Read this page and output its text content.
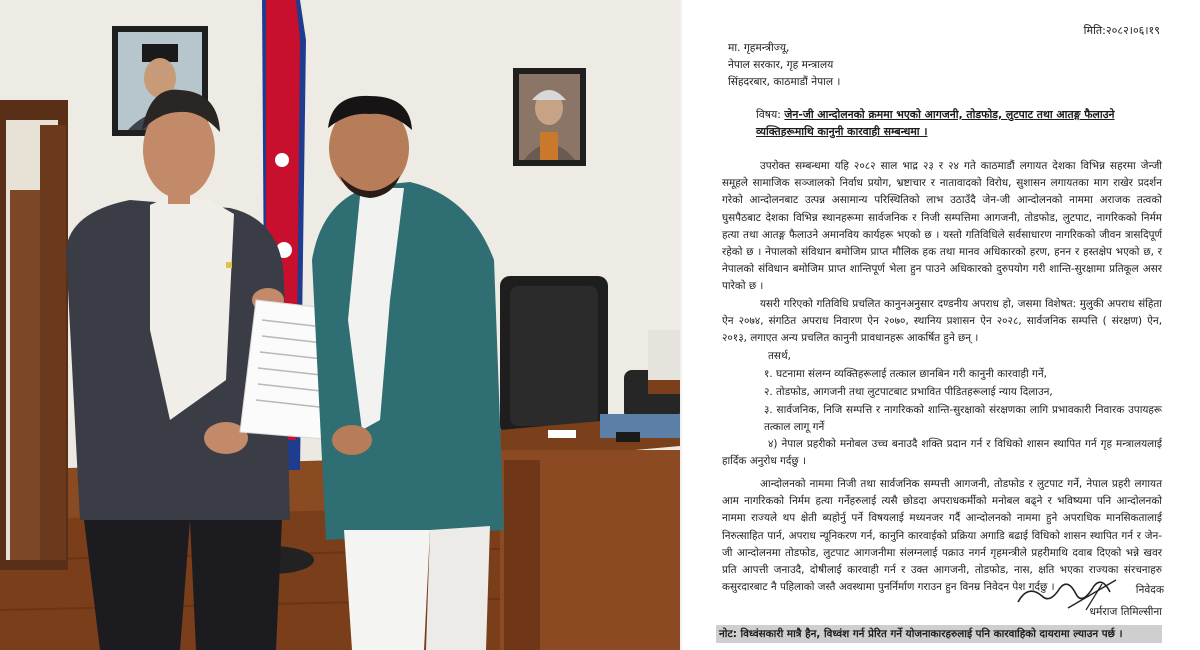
मिति:२०८२।०६।१९
मा. गृहमन्त्रीज्यू,
नेपाल सरकार, गृह मन्त्रालय
सिंहदरबार, काठमाडौं नेपाल ।
विषय: जेन-जी आन्दोलनको क्रममा भएको आगजनी, तोडफोड, लुटपाट तथा आतङ्ग फैलाउने व्यक्तिहरूमाथि कानुनी कारवाही सम्बन्धमा ।
उपरोक्त सम्बन्धमा यहि २०८२ साल भाद्र २३ र २४ गते काठमाडौं लगायत देशका विभिन्न सहरमा जेन्जी समूहले सामाजिक सञ्जालको निर्वाध प्रयोग, भ्रष्टाचार र नातावादको विरोध, सुशासन लगायतका माग राखेर प्रदर्शन गरेको आन्दोलनबाट उत्पन्न असामान्य परिस्थितिको लाभ उठाउँदै जेन-जी आन्दोलनको नाममा अराजक तत्वको घुसपैठबाट देशका विभिन्न स्थानहरूमा सार्वजनिक र निजी सम्पत्तिमा आगजनी, तोडफोड, लुटपाट, नागरिकको निर्मम हत्या तथा आतङ्ग फैलाउने अमानविय कार्यहरू भएको छ । यस्तो गतिविधिले सर्वसाधारण नागरिकको जीवन त्रासदिपूर्ण रहेको छ । नेपालको संविधान बमोजिम प्राप्त मौलिक हक तथा मानव अधिकारको हरण, हनन र हस्तक्षेप भएको छ, र नेपालको संविधान बमोजिम प्राप्त शान्तिपूर्ण भेला हुन पाउने अधिकारको दुरुपयोग गरी शान्ति-सुरक्षामा प्रतिकूल असर पारेको छ ।
यसरी गरिएको गतिविधि प्रचलित कानुनअनुसार दण्डनीय अपराध हो, जसमा विशेषत: मुलुकी अपराध संहिता ऐन २०७४, संगठित अपराध निवारण ऐन २०७०, स्थानिय प्रशासन ऐन २०२८, सार्वजनिक सम्पत्ति ( संरक्षण) ऐन, २०१३, लगाएत अन्य प्रचलित कानुनी प्रावधानहरू आकर्षित हुने छन् ।
तसर्थ,
१. घटनामा संलग्न व्यक्तिहरूलाई तत्काल छानबिन गरी कानुनी कारवाही गर्ने,
२. तोडफोड, आगजनी तथा लुटपाटबाट प्रभावित पीडितहरूलाई न्याय दिलाउन,
३. सार्वजनिक, निजि सम्पत्ति र नागरिकको शान्ति-सुरक्षाको संरक्षणका लागि प्रभावकारी निवारक उपायहरू तत्काल लागू गर्ने
४) नेपाल प्रहरीको मनोबल उच्च बनाउदै शक्ति प्रदान गर्न र विधिको शासन स्थापित गर्न गृह मन्त्रालयलाई हार्दिक अनुरोध गर्दछु ।
आन्दोलनको नाममा निजी तथा सार्वजनिक सम्पत्ती आगजनी, तोडफोड र लुटपाट गर्ने, नेपाल प्रहरी लगायत आम नागरिकको निर्मम हत्या गर्नेहरुलाई त्यसै छोडदा अपराधकर्मीको मनोबल बढ्ने र भविष्यमा पनि आन्दोलनको नाममा राज्यले थप क्षेती ब्यहोर्नु पर्ने विषयलाई मध्यनजर गर्दै आन्दोलनको नाममा हुने अपराधिक मानसिकतालाई निरुत्साहित पार्न, अपराध न्यूनिकरण गर्न, कानुनि कारवाईको प्रक्रिया अगाडि बढाई विधिको शासन स्थापित गर्न र जेन-जी आन्दोलनमा तोडफोड, लुटपाट आगजनीमा संलग्नलाई पक्राउ नगर्न गृहमन्त्रीले प्रहरीमाथि दवाब दिएको भन्ने खवर प्रति आपत्ती जनाउदै, दोषीलाई कारवाही गर्न र उक्त आगजनी, तोडफोड, नास, क्षति भएका राज्यका संरचनाहरु कसुरदारबाट नै पहिलाको जस्तै अवस्थामा पुनर्निर्माण गराउन हुन विनम्र निवेदन पेश गर्दछु ।	निवेदक
धर्मराज तिमिल्सीना
नोट: विध्वंसकारी मात्रै हैन, विध्वंश गर्न प्रेरित गर्ने योजनाकारहरुलाई पनि कारवाहिको दायरामा ल्याउन पर्छ ।
